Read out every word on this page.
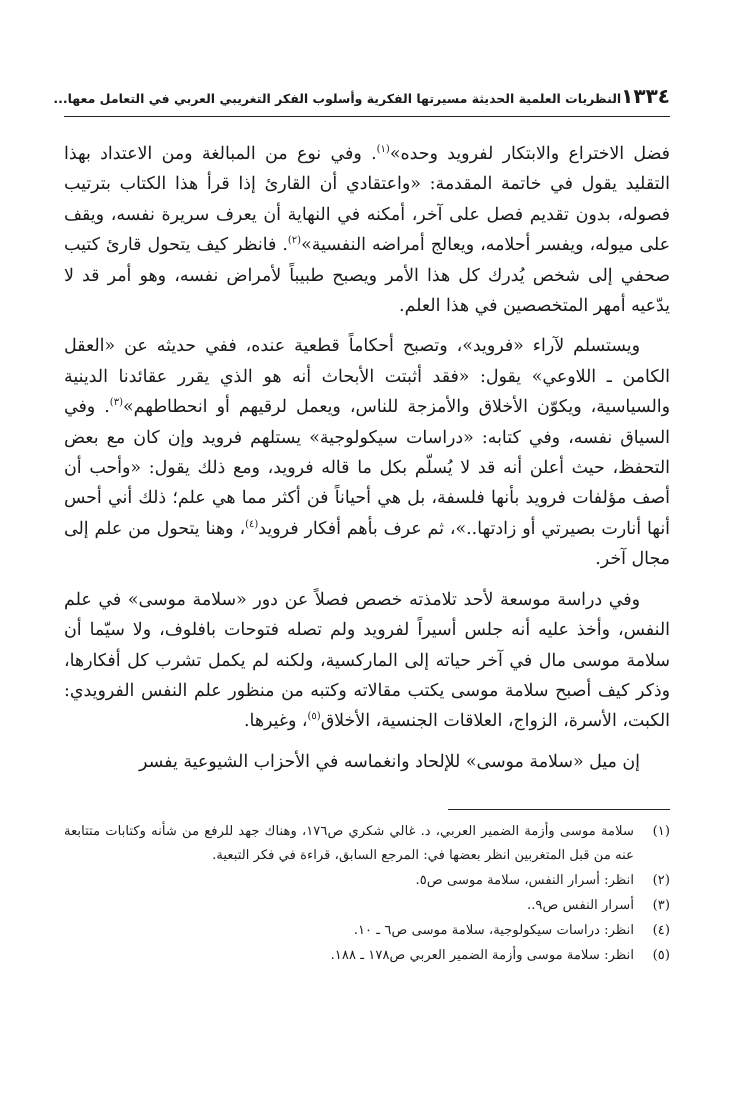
١٣٣٤
النظريات العلمية الحديثة مسيرتها الفكرية وأسلوب الفكر التغريبي العربي في التعامل معها...

فضل الاختراع والابتكار لفرويد وحده»$^{(١)}$. وفي نوع من المبالغة ومن الاعتداد بهذا التقليد يقول في خاتمة المقدمة: «واعتقادي أن القارئ إذا قرأ هذا الكتاب بترتيب فصوله، بدون تقديم فصل على آخر، أمكنه في النهاية أن يعرف سريرة نفسه، ويقف على ميوله، ويفسر أحلامه، ويعالج أمراضه النفسية»$^{(٢)}$. فانظر كيف يتحول قارئ كتيب صحفي إلى شخص يُدرك كل هذا الأمر ويصبح طبيباً لأمراض نفسه، وهو أمر قد لا يدّعيه أمهر المتخصصين في هذا العلم.

ويستسلم لآراء «فرويد»، وتصبح أحكاماً قطعية عنده، ففي حديثه عن «العقل الكامن ـ اللاوعي» يقول: «فقد أثبتت الأبحاث أنه هو الذي يقرر عقائدنا الدينية والسياسية، ويكوّن الأخلاق والأمزجة للناس، ويعمل لرقيهم أو انحطاطهم»$^{(٣)}$. وفي السياق نفسه، وفي كتابه: «دراسات سيكولوجية» يستلهم فرويد وإن كان مع بعض التحفظ، حيث أعلن أنه قد لا يُسلّم بكل ما قاله فرويد، ومع ذلك يقول: «وأحب أن أصف مؤلفات فرويد بأنها فلسفة، بل هي أحياناً فن أكثر مما هي علم؛ ذلك أني أحس أنها أنارت بصيرتي أو زادتها..»، ثم عرف بأهم أفكار فرويد$^{(٤)}$، وهنا يتحول من علم إلى مجال آخر.

وفي دراسة موسعة لأحد تلامذته خصص فصلاً عن دور «سلامة موسى» في علم النفس، وأخذ عليه أنه جلس أسيراً لفرويد ولم تصله فتوحات بافلوف، ولا سيّما أن سلامة موسى مال في آخر حياته إلى الماركسية، ولكنه لم يكمل تشرب كل أفكارها، وذكر كيف أصبح سلامة موسى يكتب مقالاته وكتبه من منظور علم النفس الفرويدي: الكبت، الأسرة، الزواج، العلاقات الجنسية، الأخلاق$^{(٥)}$، وغيرها.

إن ميل «سلامة موسى» للإلحاد وانغماسه في الأحزاب الشيوعية يفسر

(١)
سلامة موسى وأزمة الضمير العربي، د. غالي شكري ص١٧٦، وهناك جهد للرفع من شأنه وكتابات متتابعة عنه من قبل المتغربين انظر بعضها في: المرجع السابق، قراءة في فكر التبعية.
(٢)
انظر: أسرار النفس، سلامة موسى ص٥.
(٣)
أسرار النفس ص٩..
(٤)
انظر: دراسات سيكولوجية، سلامة موسى ص٦ ـ ١٠.
(٥)
انظر: سلامة موسى وأزمة الضمير العربي ص١٧٨ ـ ١٨٨.
